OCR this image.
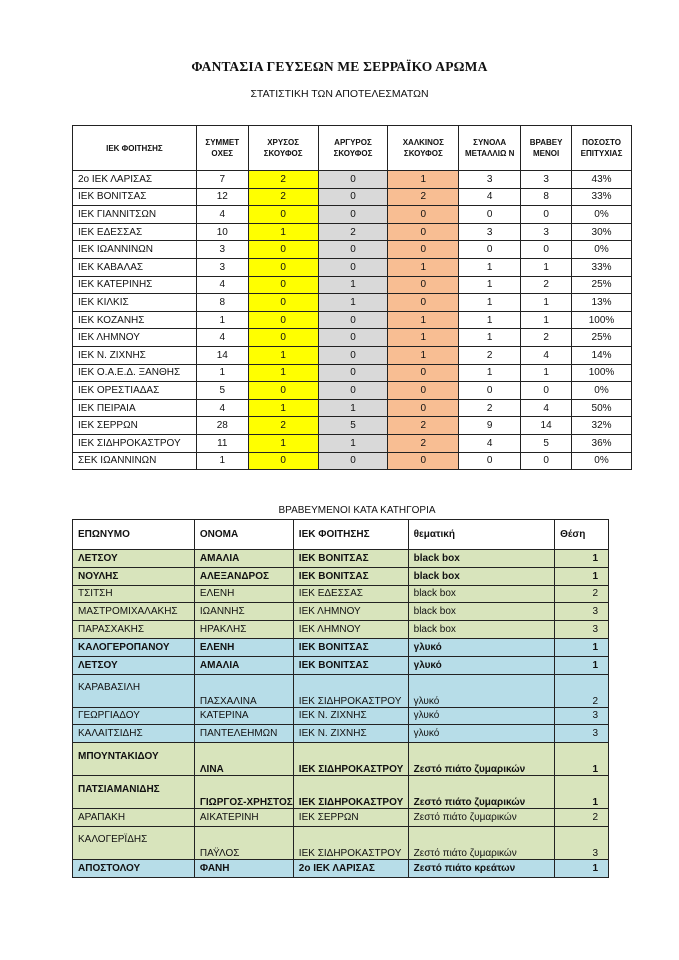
ΦΑΝΤΑΣΙΑ ΓΕΥΣΕΩΝ ΜΕ ΣΕΡΡΑΪΚΟ ΑΡΩΜΑ
ΣΤΑΤΙΣΤΙΚΗ ΤΩΝ ΑΠΟΤΕΛΕΣΜΑΤΩΝ
ΙΕΚ ΦΟΙΤΗΣΗΣ	ΣΥΜΜΕΤ ΟΧΕΣ	ΧΡΥΣΟΣ ΣΚΟΥΦΟΣ	ΑΡΓΥΡΟΣ ΣΚΟΥΦΟΣ	ΧΑΛΚΙΝΟΣ ΣΚΟΥΦΟΣ	ΣΥΝΟΛΑ ΜΕΤΑΛΛΙΩ Ν	ΒΡΑΒΕΥ ΜΕΝΟΙ	ΠΟΣΟΣΤΟ ΕΠΙΤΥΧΙΑΣ
2ο ΙΕΚ ΛΑΡΙΣΑΣ	7	2	0	1	3	3	43%
ΙΕΚ ΒΟΝΙΤΣΑΣ	12	2	0	2	4	8	33%
ΙΕΚ ΓΙΑΝΝΙΤΣΩΝ	4	0	0	0	0	0	0%
ΙΕΚ ΕΔΕΣΣΑΣ	10	1	2	0	3	3	30%
ΙΕΚ ΙΩΑΝΝΙΝΩΝ	3	0	0	0	0	0	0%
ΙΕΚ ΚΑΒΑΛΑΣ	3	0	0	1	1	1	33%
ΙΕΚ ΚΑΤΕΡΙΝΗΣ	4	0	1	0	1	2	25%
ΙΕΚ ΚΙΛΚΙΣ	8	0	1	0	1	1	13%
ΙΕΚ ΚΟΖΑΝΗΣ	1	0	0	1	1	1	100%
ΙΕΚ ΛΗΜΝΟΥ	4	0	0	1	1	2	25%
ΙΕΚ Ν. ΖΙΧΝΗΣ	14	1	0	1	2	4	14%
ΙΕΚ Ο.Α.Ε.Δ. ΞΑΝΘΗΣ	1	1	0	0	1	1	100%
ΙΕΚ ΟΡΕΣΤΙΑΔΑΣ	5	0	0	0	0	0	0%
ΙΕΚ ΠΕΙΡΑΙΑ	4	1	1	0	2	4	50%
ΙΕΚ ΣΕΡΡΩΝ	28	2	5	2	9	14	32%
ΙΕΚ ΣΙΔΗΡΟΚΑΣΤΡΟΥ	11	1	1	2	4	5	36%
ΣΕΚ ΙΩΑΝΝΙΝΩΝ	1	0	0	0	0	0	0%
ΒΡΑΒΕΥΜΕΝΟΙ ΚΑΤΑ ΚΑΤΗΓΟΡΙΑ
ΕΠΩΝΥΜΟ	ΟΝΟΜΑ	ΙΕΚ ΦΟΙΤΗΣΗΣ	θεματική	Θέση
ΛΕΤΣΟΥ	ΑΜΑΛΙΑ	ΙΕΚ ΒΟΝΙΤΣΑΣ	black box	1
ΝΟΥΛΗΣ	ΑΛΕΞΑΝΔΡΟΣ	ΙΕΚ ΒΟΝΙΤΣΑΣ	black box	1
ΤΣΙΤΣΗ	ΕΛΕΝΗ	ΙΕΚ ΕΔΕΣΣΑΣ	black box	2
ΜΑΣΤΡΟΜΙΧΑΛΑΚΗΣ	ΙΩΑΝΝΗΣ	ΙΕΚ ΛΗΜΝΟΥ	black box	3
ΠΑΡΑΣΧΑΚΗΣ	ΗΡΑΚΛΗΣ	ΙΕΚ ΛΗΜΝΟΥ	black box	3
ΚΑΛΟΓΕΡΟΠΑΝΟΥ	ΕΛΕΝΗ	ΙΕΚ ΒΟΝΙΤΣΑΣ	γλυκό	1
ΛΕΤΣΟΥ	ΑΜΑΛΙΑ	ΙΕΚ ΒΟΝΙΤΣΑΣ	γλυκό	1
ΚΑΡΑΒΑΣΙΛΗ	ΠΑΣΧΑΛΙΝΑ	ΙΕΚ ΣΙΔΗΡΟΚΑΣΤΡΟΥ	γλυκό	2
ΓΕΩΡΓΙΑΔΟΥ	ΚΑΤΕΡΙΝΑ	ΙΕΚ Ν. ΖΙΧΝΗΣ	γλυκό	3
ΚΑΛΑΙΤΣΙΔΗΣ	ΠΑΝΤΕΛΕΗΜΩΝ	ΙΕΚ Ν. ΖΙΧΝΗΣ	γλυκό	3
ΜΠΟΥΝΤΑΚΙΔΟΥ	ΛΙΝΑ	ΙΕΚ ΣΙΔΗΡΟΚΑΣΤΡΟΥ	Ζεστό πιάτο ζυμαρικών	1
ΠΑΤΣΙΑΜΑΝΙΔΗΣ	ΓΙΩΡΓΟΣ-ΧΡΗΣΤΟΣ	ΙΕΚ ΣΙΔΗΡΟΚΑΣΤΡΟΥ	Ζεστό πιάτο ζυμαρικών	1
ΑΡΑΠΑΚΗ	ΑΙΚΑΤΕΡΙΝΗ	ΙΕΚ ΣΕΡΡΩΝ	Ζεστό πιάτο ζυμαρικών	2
ΚΑΛΟΓΕΡΪΔΗΣ	ΠΑΫΛΟΣ	ΙΕΚ ΣΙΔΗΡΟΚΑΣΤΡΟΥ	Ζεστό πιάτο ζυμαρικών	3
ΑΠΟΣΤΟΛΟΥ	ΦΑΝΗ	2ο ΙΕΚ ΛΑΡΙΣΑΣ	Ζεστό πιάτο κρεάτων	1
